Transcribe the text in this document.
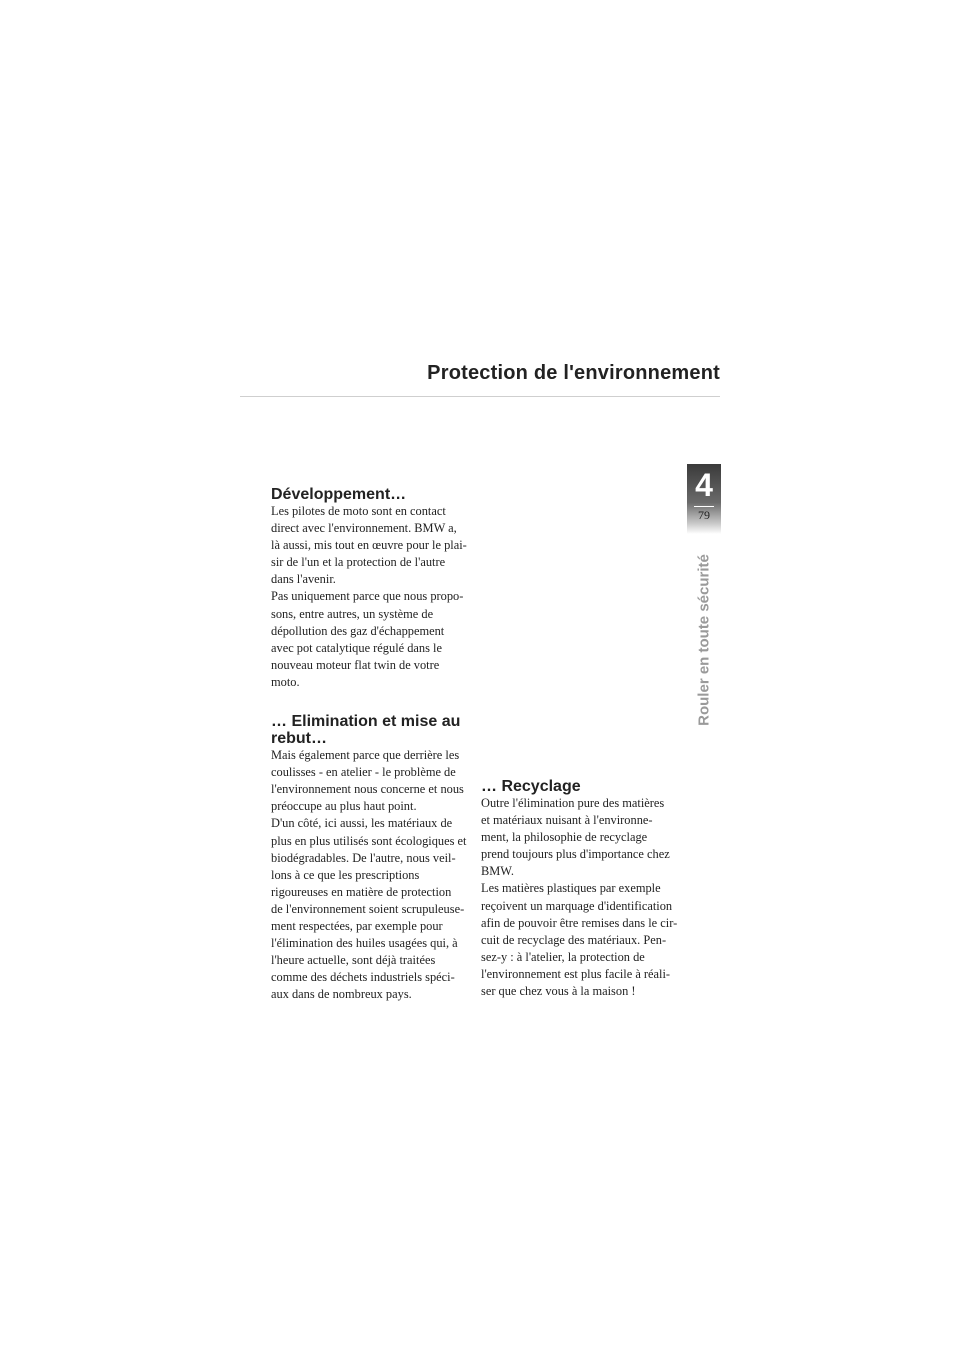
Protection de l'environnement
4
79
Rouler en toute sécurité
Développement…

Les pilotes de moto sont en contact
direct avec l'environnement. BMW a,
là aussi, mis tout en œuvre pour le plai-
sir de l'un et la protection de l'autre
dans l'avenir.

Pas uniquement parce que nous propo-
sons, entre autres, un système de
dépollution des gaz d'échappement
avec pot catalytique régulé dans le
nouveau moteur flat twin de votre
moto.

… Elimination et mise au
rebut…

Mais également parce que derrière les
coulisses - en atelier - le problème de
l'environnement nous concerne et nous
préoccupe au plus haut point.

D'un côté, ici aussi, les matériaux de
plus en plus utilisés sont écologiques et
biodégradables. De l'autre, nous veil-
lons à ce que les prescriptions
rigoureuses en matière de protection
de l'environnement soient scrupuleuse-
ment respectées, par exemple pour
l'élimination des huiles usagées qui, à
l'heure actuelle, sont déjà traitées
comme des déchets industriels spéci-
aux dans de nombreux pays.

… Recyclage

Outre l'élimination pure des matières
et matériaux nuisant à l'environne-
ment, la philosophie de recyclage
prend toujours plus d'importance chez
BMW.

Les matières plastiques par exemple
reçoivent un marquage d'identification
afin de pouvoir être remises dans le cir-
cuit de recyclage des matériaux. Pen-
sez-y : à l'atelier, la protection de
l'environnement est plus facile à réali-
ser que chez vous à la maison !
